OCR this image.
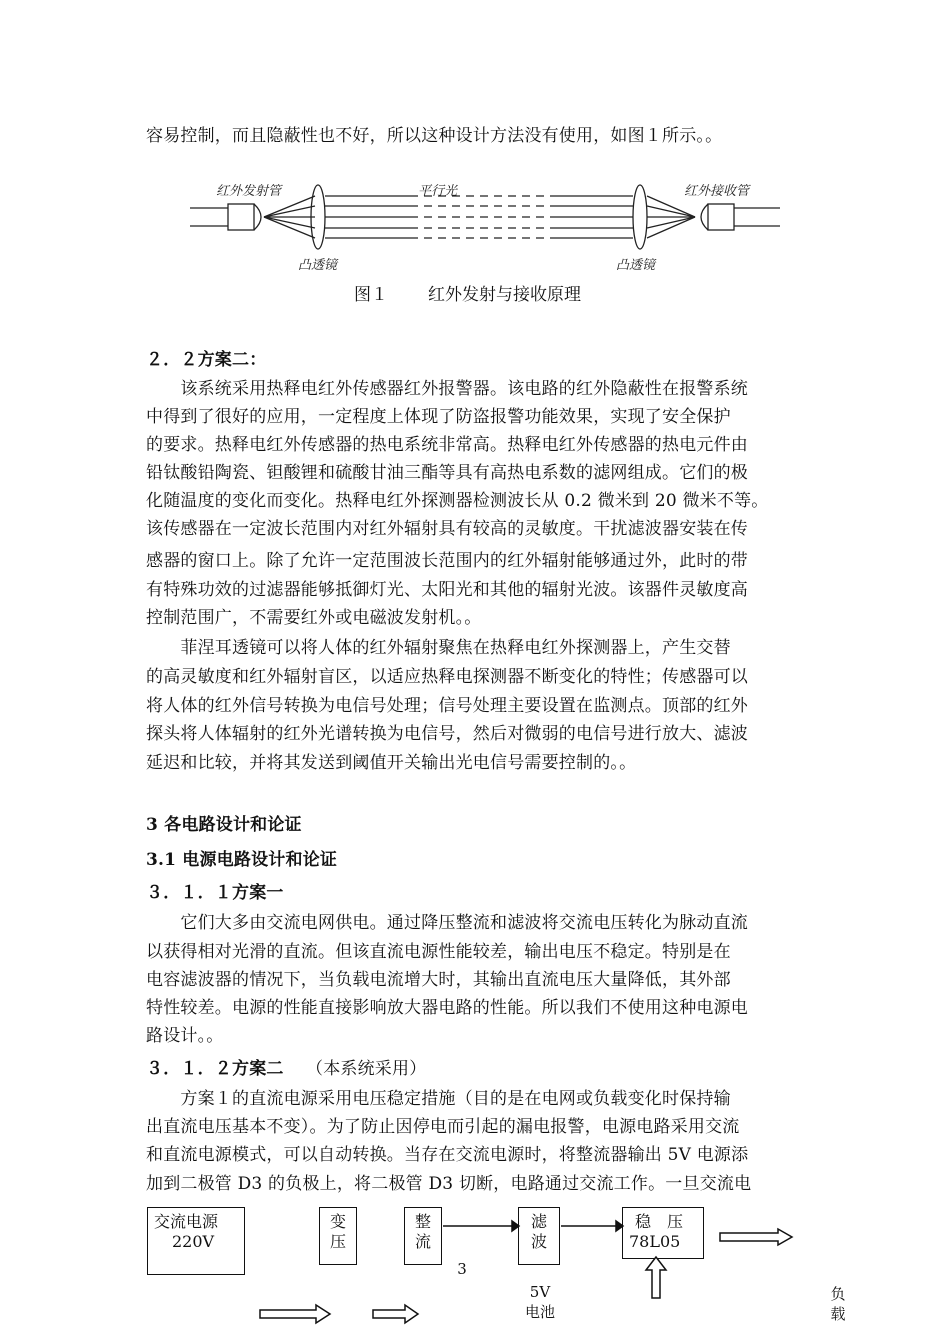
容易控制，而且隐蔽性也不好，所以这种设计方法没有使用，如图１所示。。
红外发射管	平行光	红外接收管
凸透镜	凸透镜
图１ 红外发射与接收原理
２．２方案二：
　　该系统采用热释电红外传感器红外报警器。该电路的红外隐蔽性在报警系统
中得到了很好的应用，一定程度上体现了防盗报警功能效果，实现了安全保护
的要求。热释电红外传感器的热电系统非常高。热释电红外传感器的热电元件由
铅钛酸铅陶瓷、钽酸锂和硫酸甘油三酯等具有高热电系数的滤网组成。它们的极
化随温度的变化而变化。热释电红外探测器检测波长从 0.2 微米到 20 微米不等。
该传感器在一定波长范围内对红外辐射具有较高的灵敏度。干扰滤波器安装在传
感器的窗口上。除了允许一定范围波长范围内的红外辐射能够通过外，此时的带
有特殊功效的过滤器能够抵御灯光、太阳光和其他的辐射光波。该器件灵敏度高
控制范围广，不需要红外或电磁波发射机。。
　　菲涅耳透镜可以将人体的红外辐射聚焦在热释电红外探测器上，产生交替
的高灵敏度和红外辐射盲区，以适应热释电探测器不断变化的特性；传感器可以
将人体的红外信号转换为电信号处理；信号处理主要设置在监测点。顶部的红外
探头将人体辐射的红外光谱转换为电信号，然后对微弱的电信号进行放大、滤波
延迟和比较，并将其发送到阈值开关输出光电信号需要控制的。。
3 各电路设计和论证
3.1 电源电路设计和论证
３．１．１方案一
　　它们大多由交流电网供电。通过降压整流和滤波将交流电压转化为脉动直流
以获得相对光滑的直流。但该直流电源性能较差，输出电压不稳定。特别是在
电容滤波器的情况下，当负载电流增大时，其输出直流电压大量降低，其外部
特性较差。电源的性能直接影响放大器电路的性能。所以我们不使用这种电源电
路设计。。
３．１．２方案二 （本系统采用）
　　方案１的直流电源采用电压稳定措施（目的是在电网或负载变化时保持输
出直流电压基本不变）。为了防止因停电而引起的漏电报警，电源电路采用交流
和直流电源模式，可以自动转换。当存在交流电源时，将整流器输出 5V 电源添
加到二极管 D3 的负极上，将二极管 D3 切断，电路通过交流工作。一旦交流电
交流电源
220V
变
压
整
流
滤
波
稳　压
78L05
3
5V
电池
负
载
